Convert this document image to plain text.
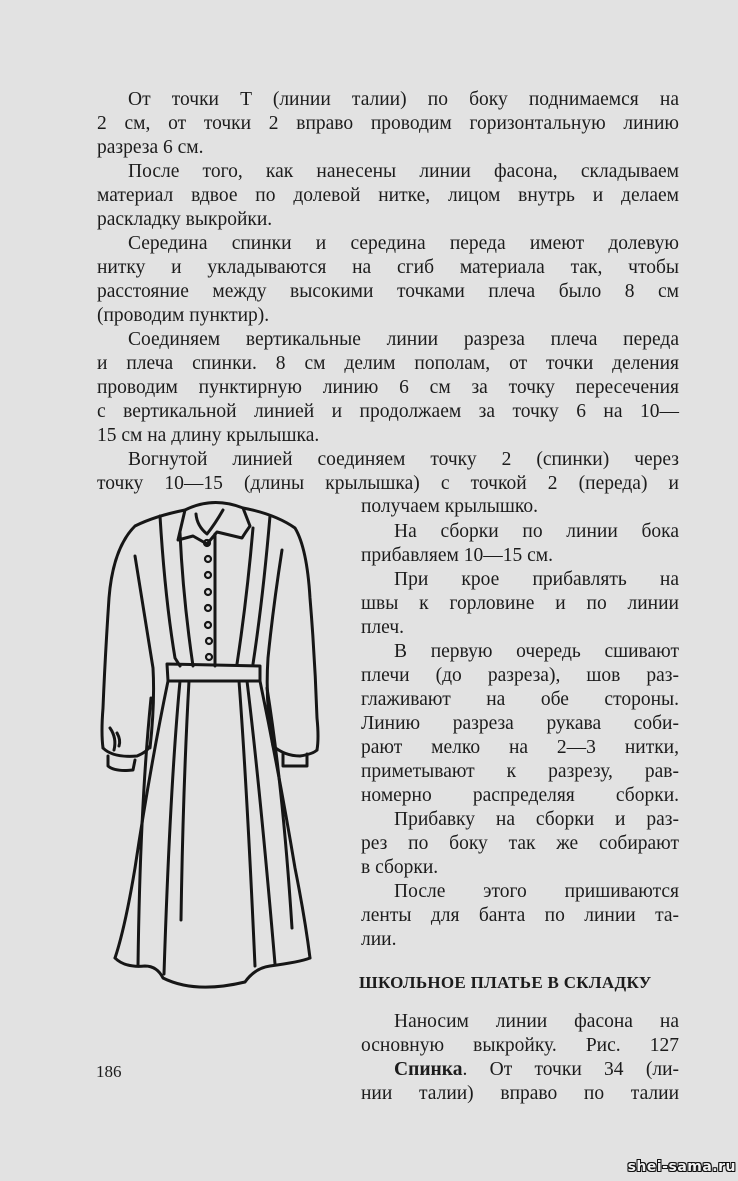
От точки T (линии талии) по боку поднимаемся на
2 см, от точки 2 вправо проводим горизонтальную линию
разреза 6 см.
После того, как нанесены линии фасона, складываем
материал вдвое по долевой нитке, лицом внутрь и делаем
раскладку выкройки.
Середина спинки и середина переда имеют долевую
нитку и укладываются на сгиб материала так, чтобы
расстояние между высокими точками плеча было 8 см
(проводим пунктир).
Соединяем вертикальные линии разреза плеча переда
и плеча спинки. 8 см делим пополам, от точки деления
проводим пунктирную линию 6 см за точку пересечения
с вертикальной линией и продолжаем за точку 6 на 10—
15 см на длину крылышка.
Вогнутой линией соединяем точку 2 (спинки) через
точку 10—15 (длины крылышка) с точкой 2 (переда) и
получаем крылышко.
На сборки по линии бока
прибавляем 10—15 см.
При крое прибавлять на
швы к горловине и по линии
плеч.
В первую очередь сшивают
плечи (до разреза), шов раз-
глаживают на обе стороны.
Линию разреза рукава соби-
рают мелко на 2—3 нитки,
приметывают к разрезу, рав-
номерно распределяя сборки.
Прибавку на сборки и раз-
рез по боку так же собирают
в сборки.
После этого пришиваются
ленты для банта по линии та-
лии.
ШКОЛЬНОЕ ПЛАТЬЕ В СКЛАДКУ
Наносим линии фасона на
основную выкройку. Рис. 127
Спинка. От точки 34 (ли-
нии талии) вправо по талии
186
shei-sama.ru
